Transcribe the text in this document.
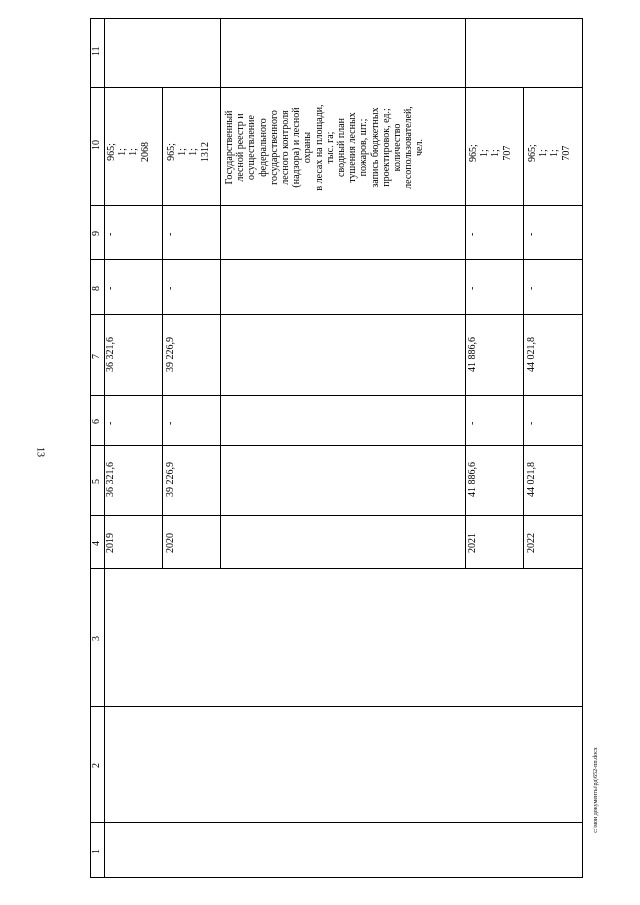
13
c:\мои документы\рд\652-пп.docx
11
10
9
8
7
6
5
4
3
2
1
2019
36 321,6
-
36 321,6
-
-
965;
1;
1;
2068
2020
39 226,9
-
39 226,9
-
-
965;
1;
1;
1312 Государственный
лесной реестр и
осуществление
федерального
государственного
лесного контроля
(надзора) и лесной
охраны
в лесах на площади,
тыс. га;
сводный план
тушения лесных
пожаров, шт.;
запись бюджетных
проектировок, ед.;
количество
лесопользователей,
чел.
2021
41 886,6
-
41 886,6
-
-
965;
1;
1;
707
2022
44 021,8
-
44 021,8
-
-
965;
1;
1;
707
